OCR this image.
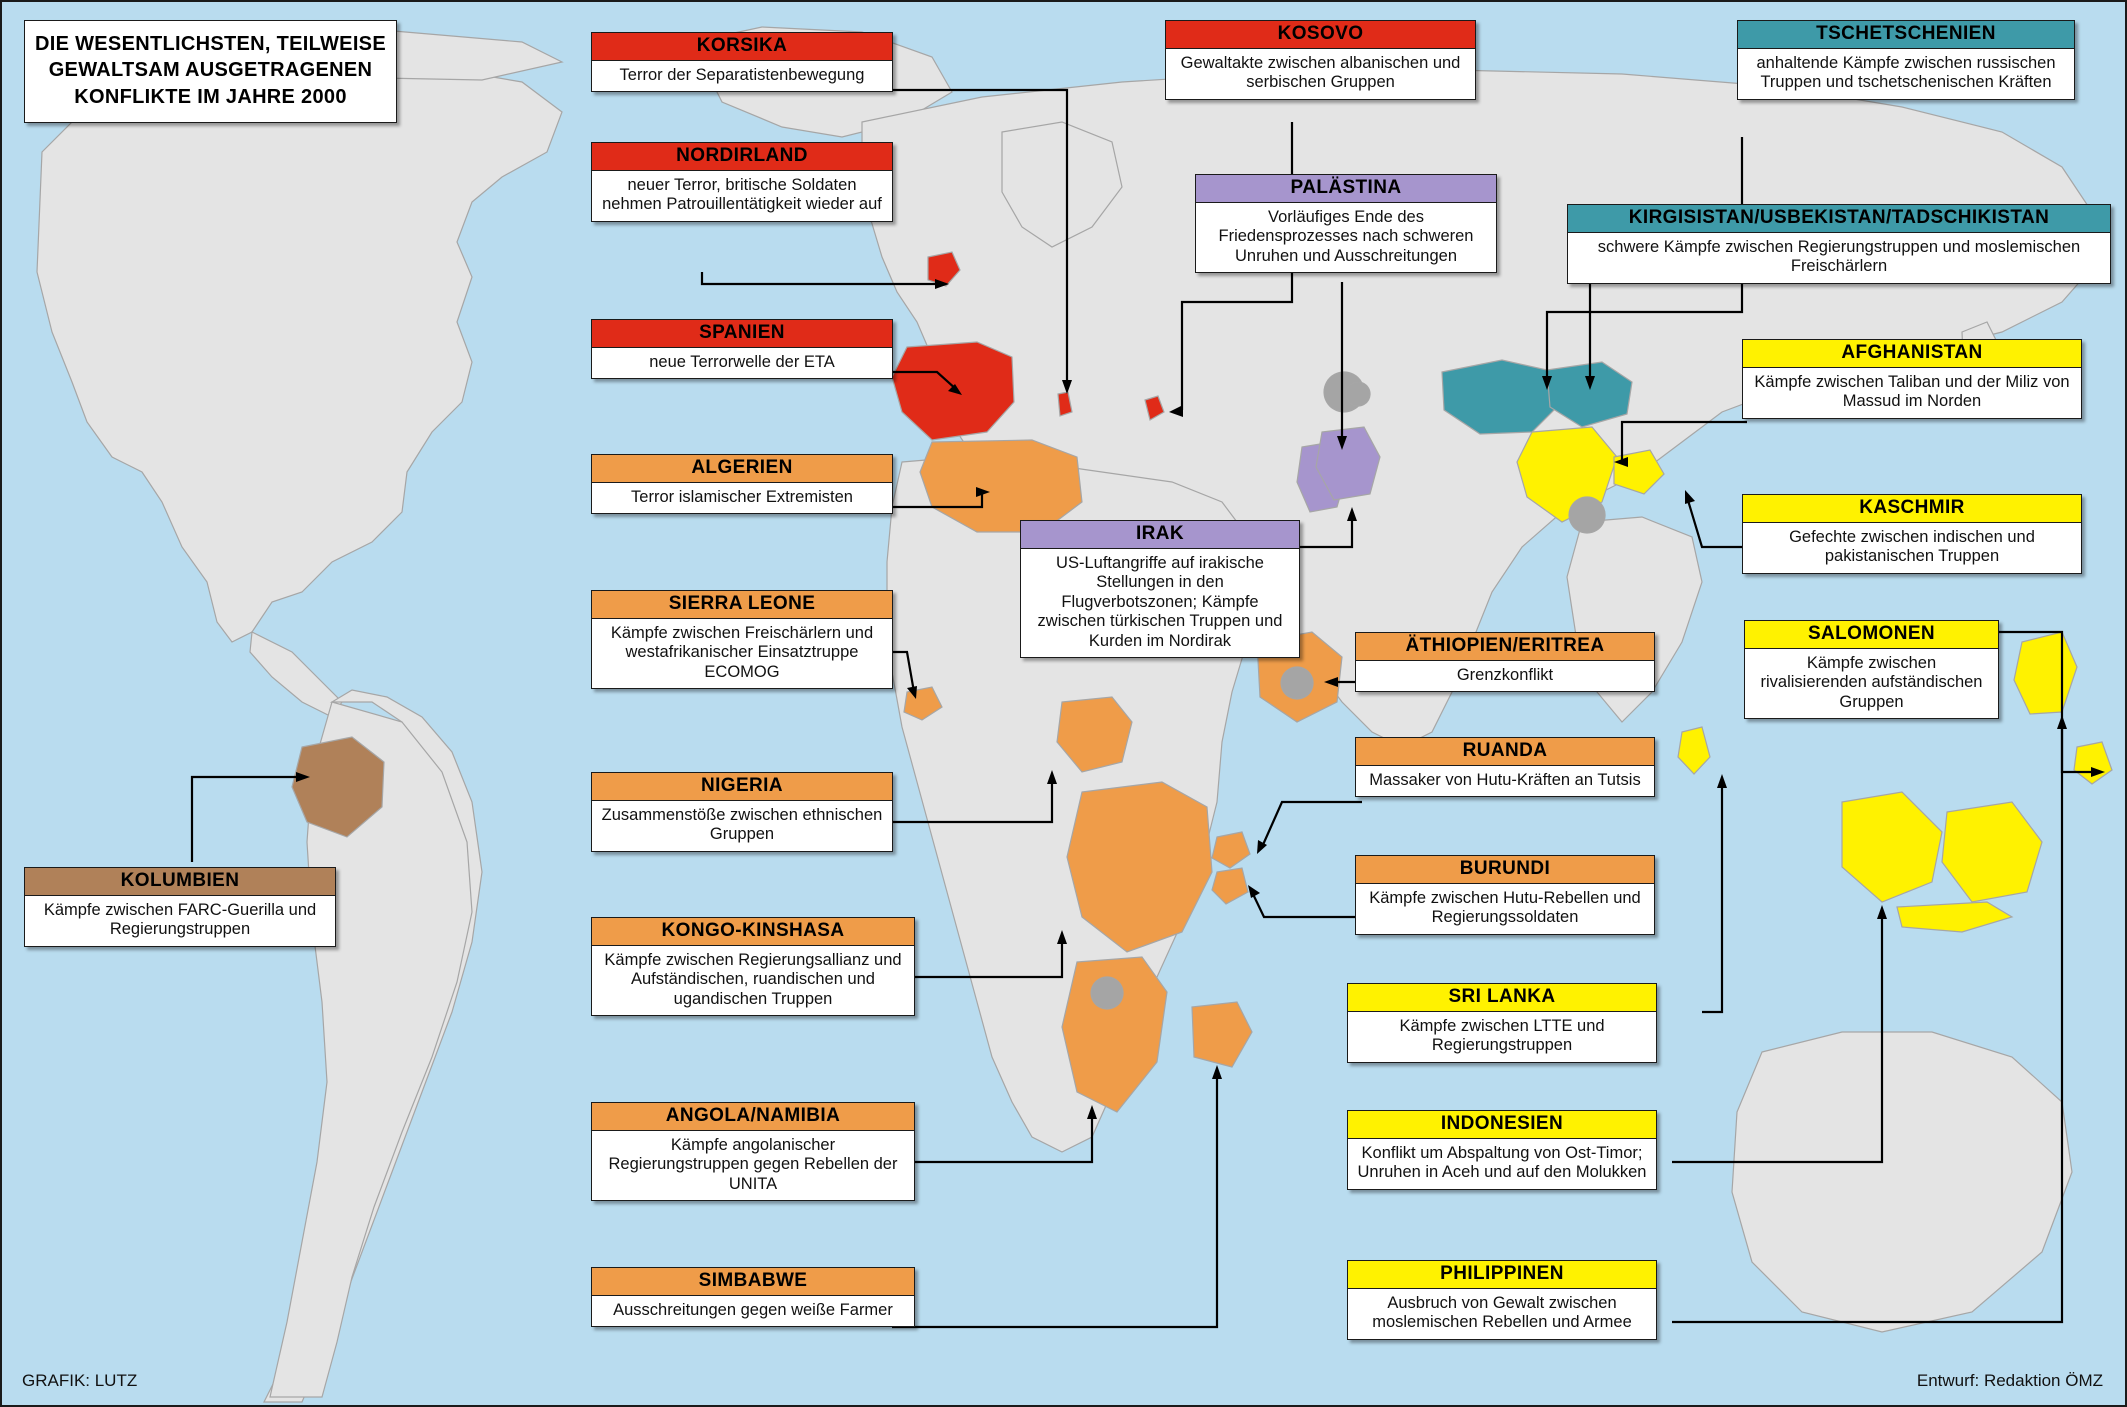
DIE WESENTLICHSTEN, TEILWEISE
GEWALTSAM AUSGETRAGENEN
KONFLIKTE IM JAHRE 2000
KORSIKA
Terror der Separatistenbewegung
NORDIRLAND
neuer Terror, britische Soldaten nehmen Patrouillentätigkeit wieder auf
SPANIEN
neue Terrorwelle der ETA
ALGERIEN
Terror islamischer Extremisten
SIERRA LEONE
Kämpfe zwischen Freischärlern und westafrikanischer Einsatztruppe ECOMOG
NIGERIA
Zusammenstöße zwischen ethnischen Gruppen
KONGO-KINSHASA
Kämpfe zwischen Regierungsallianz und Aufständischen, ruandischen und ugandischen Truppen
ANGOLA/NAMIBIA
Kämpfe angolanischer Regierungstruppen gegen Rebellen der UNITA
SIMBABWE
Ausschreitungen gegen weiße Farmer
KOLUMBIEN
Kämpfe zwischen FARC-Guerilla und Regierungstruppen
KOSOVO
Gewaltakte zwischen albanischen und serbischen Gruppen
PALÄSTINA
Vorläufiges Ende des Friedensprozesses nach schweren Unruhen und Ausschreitungen
IRAK
US-Luftangriffe auf irakische Stellungen in den Flugverbotszonen; Kämpfe zwischen türkischen Truppen und Kurden im Nordirak	ÄTHIOPIEN/ERITREA
Grenzkonflikt
RUANDA
Massaker von Hutu-Kräften an Tutsis
BURUNDI
Kämpfe zwischen Hutu-Rebellen und Regierungssoldaten
SRI LANKA
Kämpfe zwischen LTTE und Regierungstruppen
INDONESIEN
Konflikt um Abspaltung von Ost-Timor; Unruhen in Aceh und auf den Molukken
PHILIPPINEN
Ausbruch von Gewalt zwischen moslemischen Rebellen und Armee
TSCHETSCHENIEN
anhaltende Kämpfe zwischen russischen Truppen und tschetschenischen Kräften
KIRGISISTAN/USBEKISTAN/TADSCHIKISTAN
schwere Kämpfe zwischen Regierungstruppen und moslemischen Freischärlern
AFGHANISTAN
Kämpfe zwischen Taliban und der Miliz von Massud im Norden
KASCHMIR
Gefechte zwischen indischen und pakistanischen Truppen
SALOMONEN
Kämpfe zwischen rivalisierenden aufständischen Gruppen
GRAFIK: LUTZ	Entwurf: Redaktion ÖMZ
